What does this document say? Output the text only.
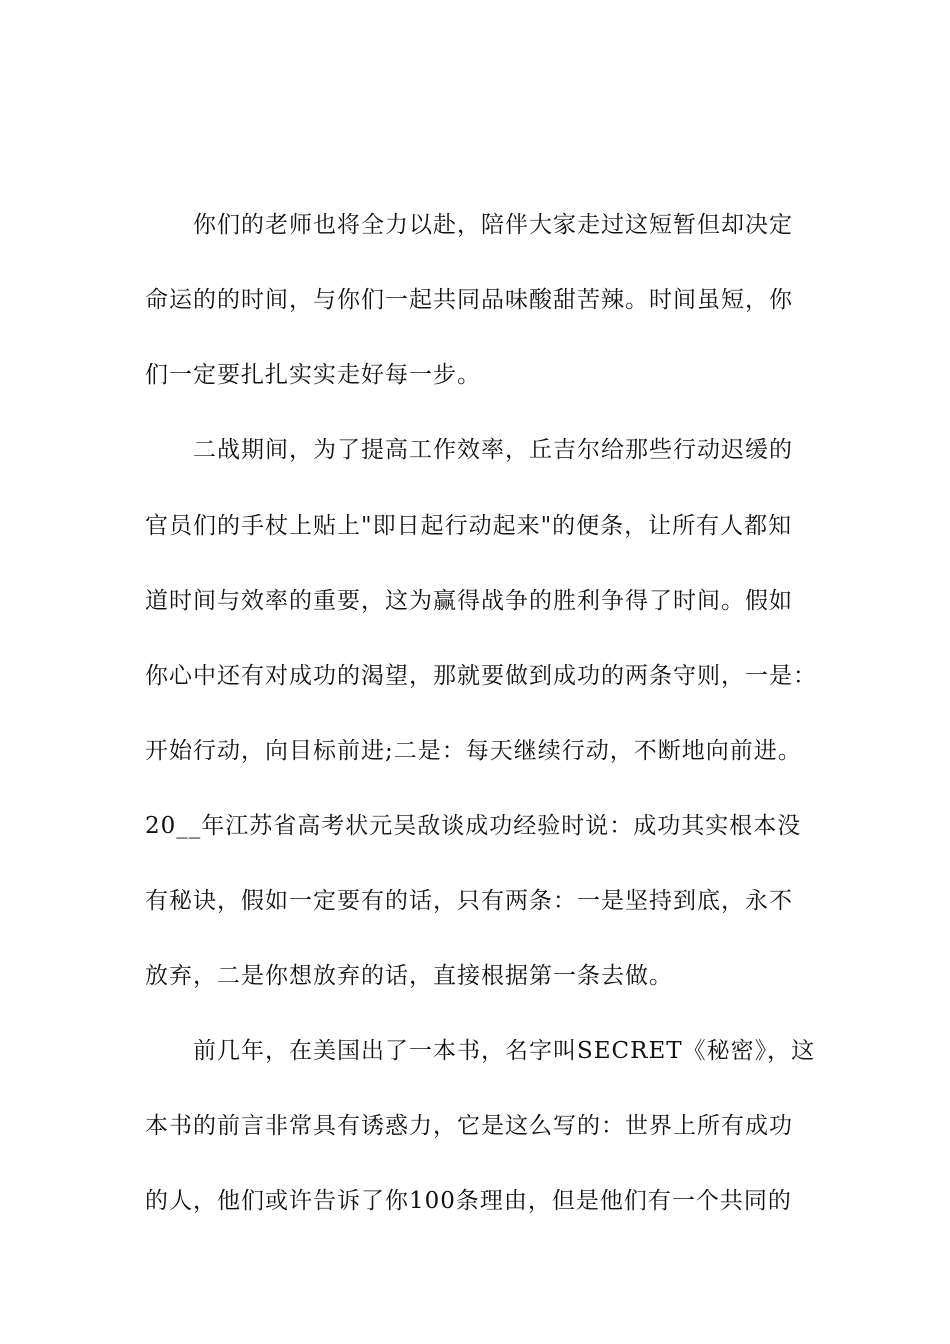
你们的老师也将全力以赴，陪伴大家走过这短暂但却决定
命运的的时间，与你们一起共同品味酸甜苦辣。时间虽短，你
们一定要扎扎实实走好每一步。
二战期间，为了提高工作效率，丘吉尔给那些行动迟缓的
官员们的手杖上贴上"即日起行动起来"的便条，让所有人都知
道时间与效率的重要，这为赢得战争的胜利争得了时间。假如
你心中还有对成功的渴望，那就要做到成功的两条守则，一是：
开始行动，向目标前进;二是：每天继续行动，不断地向前进。
20__年江苏省高考状元吴敌谈成功经验时说：成功其实根本没
有秘诀，假如一定要有的话，只有两条：一是坚持到底，永不
放弃，二是你想放弃的话，直接根据第一条去做。
前几年，在美国出了一本书，名字叫SECRET《秘密》，这
本书的前言非常具有诱惑力，它是这么写的：世界上所有成功
的人，他们或许告诉了你100条理由，但是他们有一个共同的
